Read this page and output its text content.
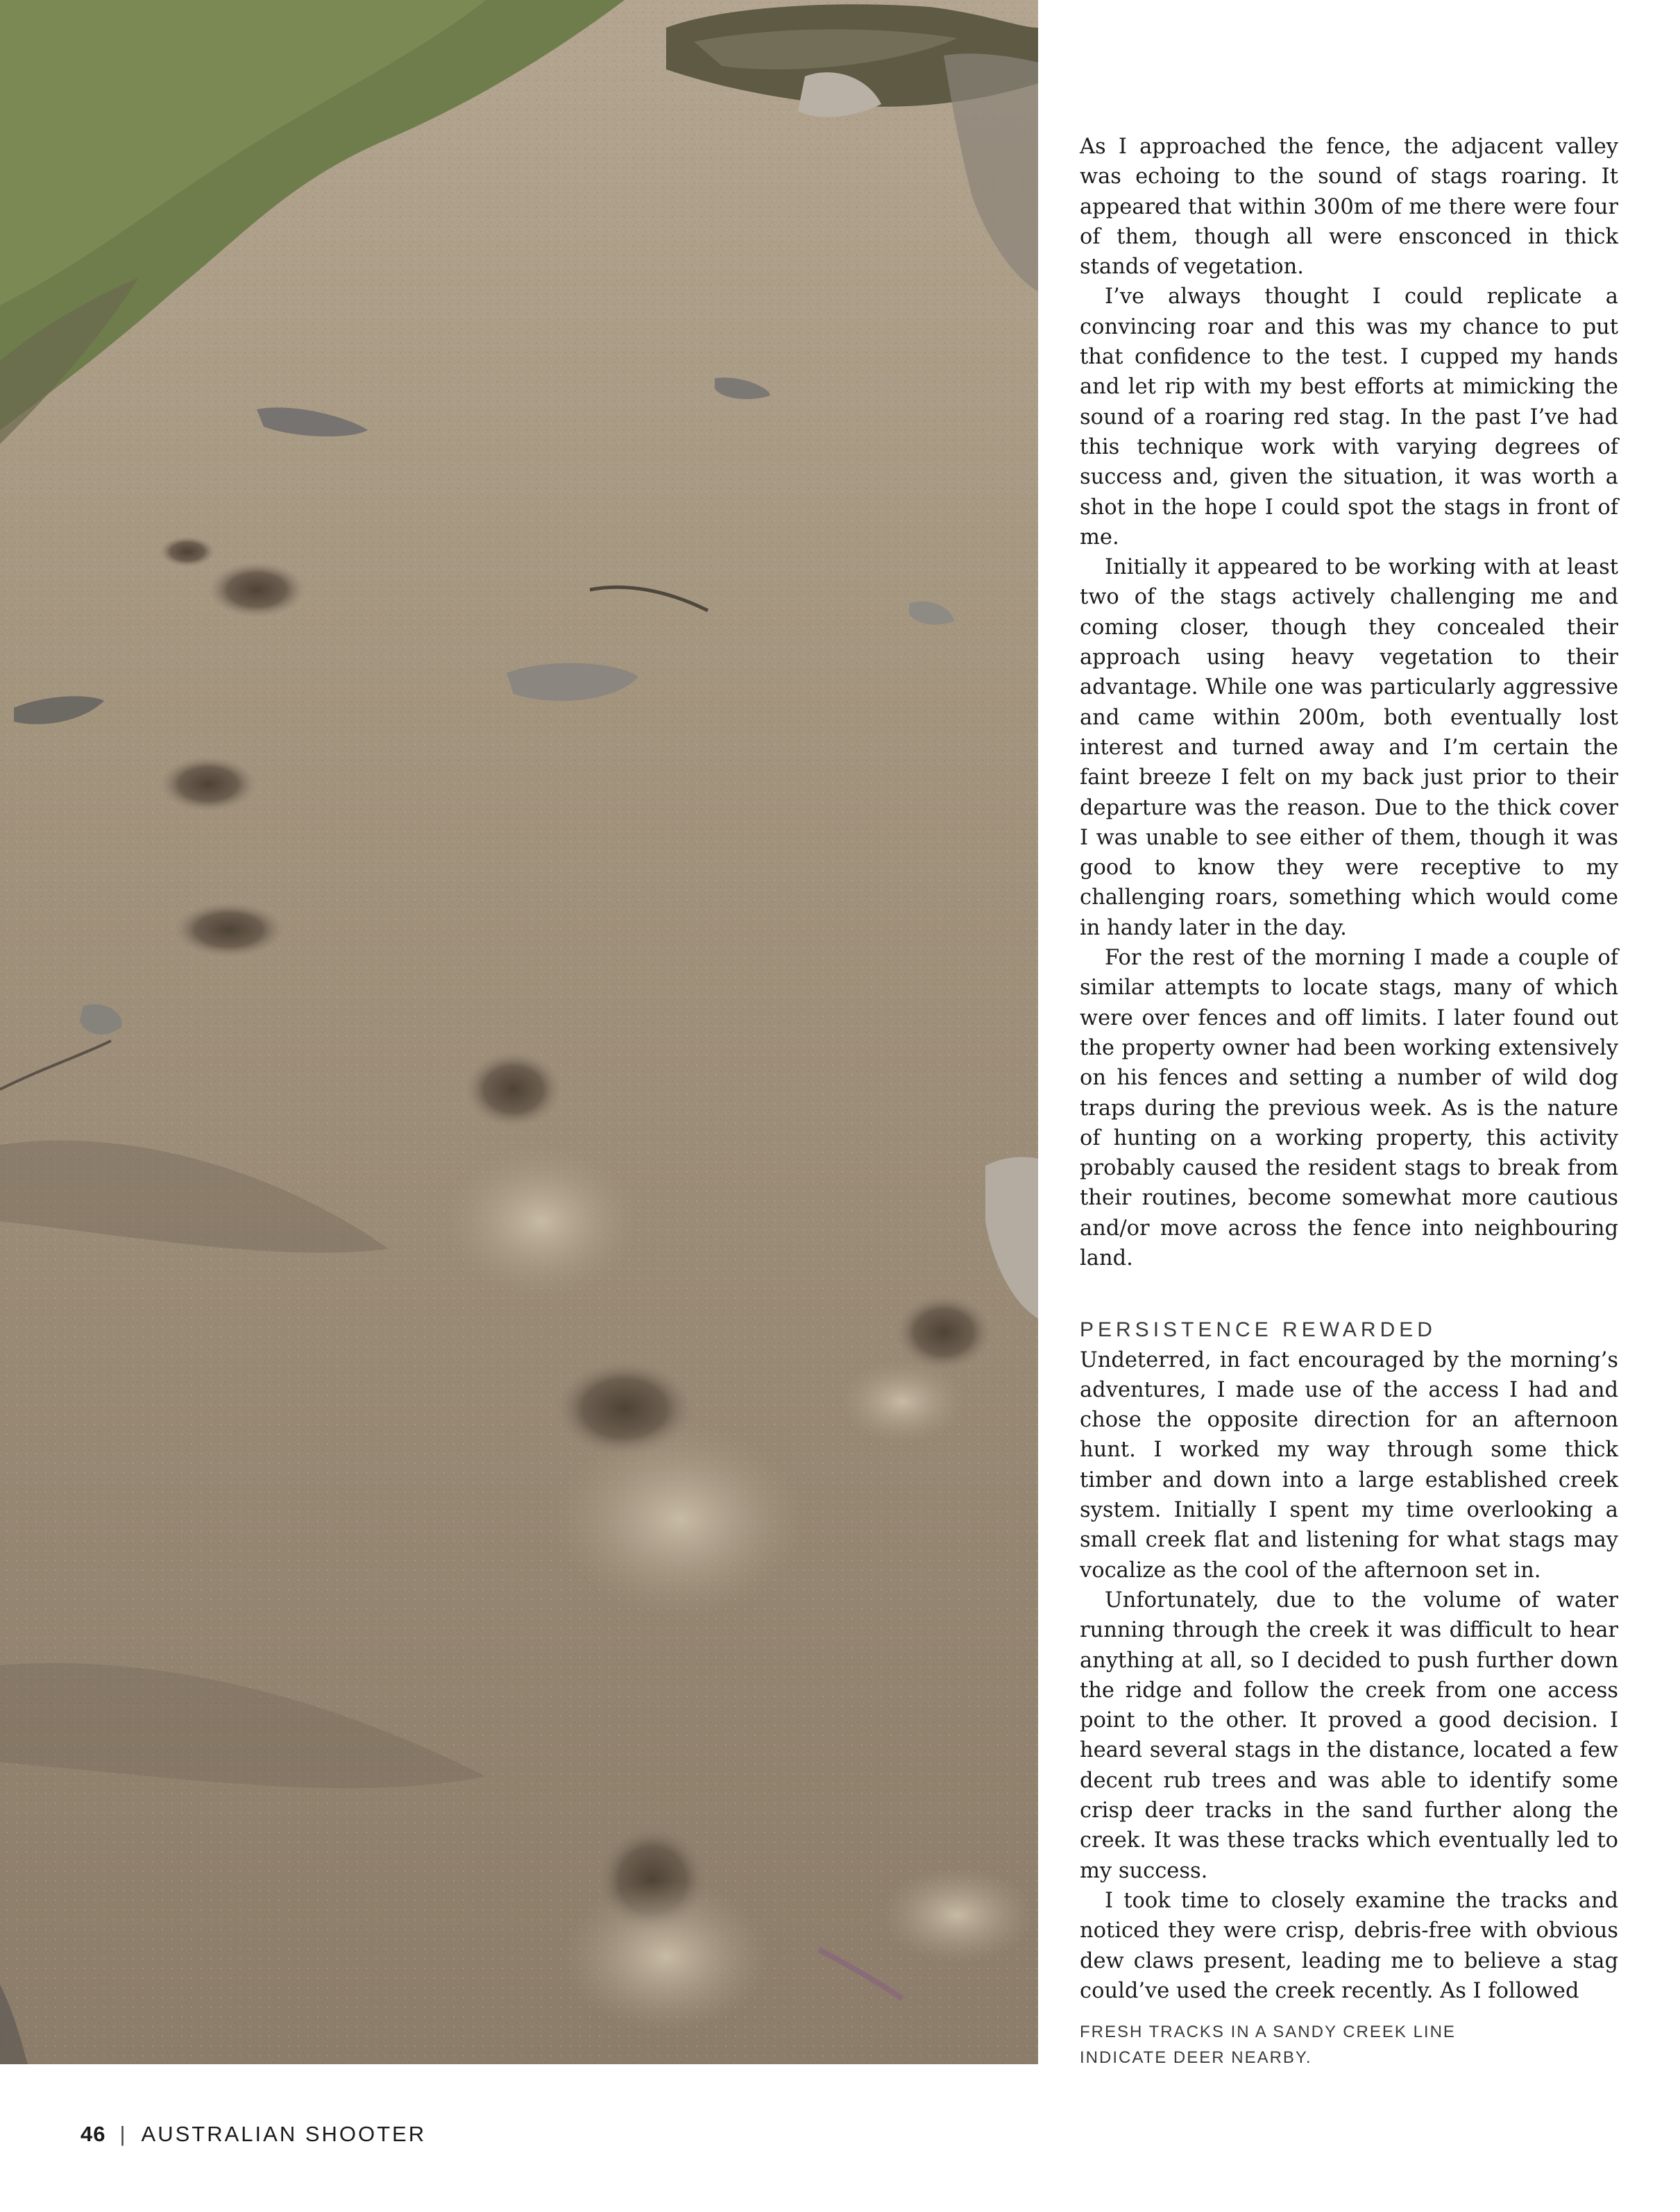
As I approached the fence, the adjacent valley was echoing to the sound of stags roaring. It appeared that within 300m of me there were four of them, though all were ensconced in thick stands of vegetation.

I’ve always thought I could replicate a convincing roar and this was my chance to put that confidence to the test. I cupped my hands and let rip with my best efforts at mimicking the sound of a roaring red stag. In the past I’ve had this technique work with varying degrees of success and, given the situation, it was worth a shot in the hope I could spot the stags in front of me.

Initially it appeared to be working with at least two of the stags actively challenging me and coming closer, though they concealed their approach using heavy vegetation to their advantage. While one was particularly aggressive and came within 200m, both eventually lost interest and turned away and I’m certain the faint breeze I felt on my back just prior to their departure was the reason. Due to the thick cover I was unable to see either of them, though it was good to know they were receptive to my challenging roars, something which would come in handy later in the day.

For the rest of the morning I made a couple of similar attempts to locate stags, many of which were over fences and off limits. I later found out the property owner had been working extensively on his fences and setting a number of wild dog traps during the previous week. As is the nature of hunting on a working property, this activity probably caused the resident stags to break from their routines, become somewhat more cautious and/or move across the fence into neighbouring land.

PERSISTENCE REWARDED

Undeterred, in fact encouraged by the morning’s adventures, I made use of the access I had and chose the opposite direction for an afternoon hunt. I worked my way through some thick timber and down into a large established creek system. Initially I spent my time overlooking a small creek flat and listening for what stags may vocalize as the cool of the afternoon set in.

Unfortunately, due to the volume of water running through the creek it was difficult to hear anything at all, so I decided to push further down the ridge and follow the creek from one access point to the other. It proved a good decision. I heard several stags in the distance, located a few decent rub trees and was able to identify some crisp deer tracks in the sand further along the creek. It was these tracks which eventually led to my success.

I took time to closely examine the tracks and noticed they were crisp, debris-free with obvious dew claws present, leading me to believe a stag could’ve used the creek recently. As I followed

FRESH TRACKS IN A SANDY CREEK LINE INDICATE DEER NEARBY.
46 | AUSTRALIAN SHOOTER
